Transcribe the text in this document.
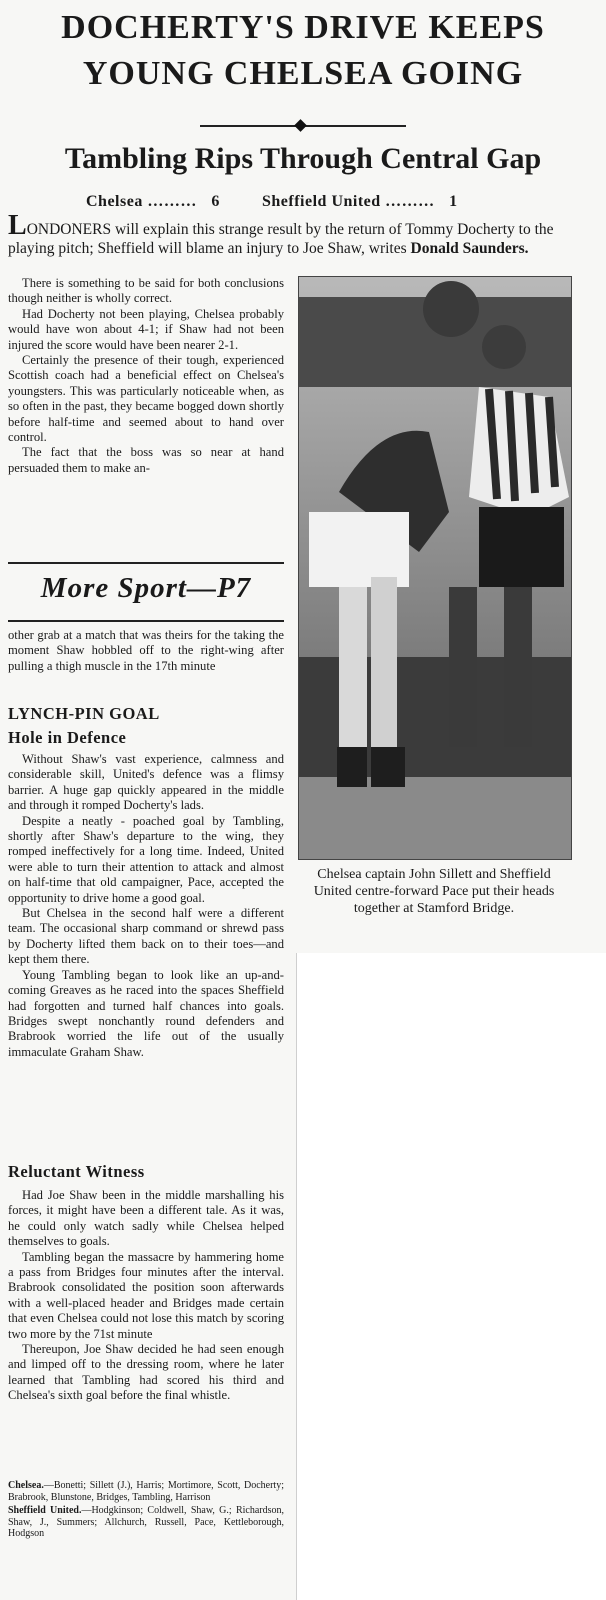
DOCHERTY'S DRIVE KEEPS
YOUNG CHELSEA GOING
Tambling Rips Through Central Gap
Chelsea ……… 6	Sheffield United ……… 1
LONDONERS will explain this strange result by the return of Tommy Docherty to the playing pitch; Sheffield will blame an injury to Joe Shaw, writes Donald Saunders.

There is something to be said for both conclusions though neither is wholly correct.

Had Docherty not been playing, Chelsea probably would have won about 4-1; if Shaw had not been injured the score would have been nearer 2-1.

Certainly the presence of their tough, experienced Scottish coach had a beneficial effect on Chelsea's youngsters. This was particularly noticeable when, as so often in the past, they became bogged down shortly before half-time and seemed about to hand over control.

The fact that the boss was so near at hand persuaded them to make an-

More Sport—P7

other grab at a match that was theirs for the taking the moment Shaw hobbled off to the right-wing after pulling a thigh muscle in the 17th minute

LYNCH-PIN GOAL
Hole in Defence

Without Shaw's vast experience, calmness and considerable skill, United's defence was a flimsy barrier. A huge gap quickly appeared in the middle and through it romped Docherty's lads.

Despite a neatly - poached goal by Tambling, shortly after Shaw's departure to the wing, they romped ineffectively for a long time. Indeed, United were able to turn their attention to attack and almost on half-time that old campaigner, Pace, accepted the opportunity to drive home a good goal.

But Chelsea in the second half were a different team. The occasional sharp command or shrewd pass by Docherty lifted them back on to their toes—and kept them there.

Young Tambling began to look like an up-and-coming Greaves as he raced into the spaces Sheffield had forgotten and turned half chances into goals. Bridges swept nonchantly round defenders and Brabrook worried the life out of the usually immaculate Graham Shaw.

Reluctant Witness

Had Joe Shaw been in the middle marshalling his forces, it might have been a different tale. As it was, he could only watch sadly while Chelsea helped themselves to goals.

Tambling began the massacre by hammering home a pass from Bridges four minutes after the interval. Brabrook consolidated the position soon afterwards with a well-placed header and Bridges made certain that even Chelsea could not lose this match by scoring two more by the 71st minute

Thereupon, Joe Shaw decided he had seen enough and limped off to the dressing room, where he later learned that Tambling had scored his third and Chelsea's sixth goal before the final whistle.

Chelsea.—Bonetti; Sillett (J.), Harris; Mortimore, Scott, Docherty; Brabrook, Blunstone, Bridges, Tambling, Harrison
Sheffield United.—Hodgkinson; Coldwell, Shaw, G.; Richardson, Shaw, J., Summers; Allchurch, Russell, Pace, Kettleborough, Hodgson
Chelsea captain John Sillett and Sheffield United centre-forward Pace put their heads together at Stamford Bridge.
